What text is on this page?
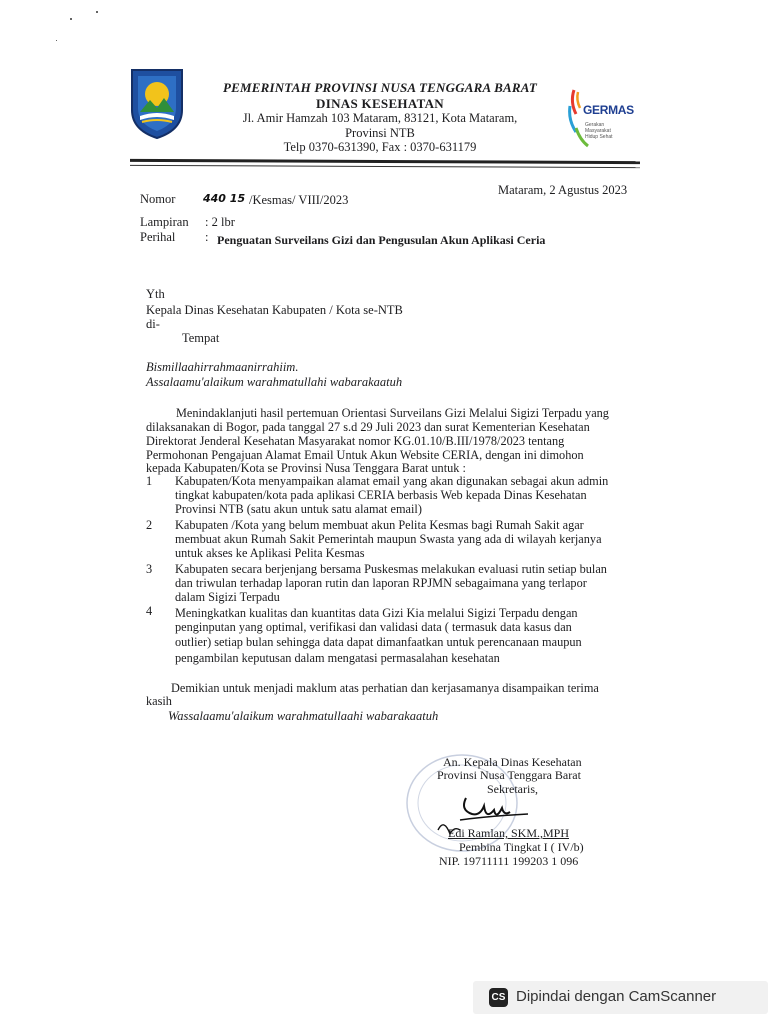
PEMERINTAH PROVINSI NUSA TENGGARA BARAT
DINAS KESEHATAN
Jl. Amir Hamzah 103 Mataram, 83121, Kota Mataram,
Provinsi NTB
Telp 0370-631390, Fax : 0370-631179
GERMAS
Gerakan Masyarakat Hidup Sehat
Mataram, 2 Agustus 2023
Nomor	440 15 /Kesmas/ VIII/2023
Lampiran : 2 lbr
Perihal : Penguatan Surveilans Gizi dan Pengusulan Akun Aplikasi Ceria
Yth
Kepala Dinas Kesehatan Kabupaten / Kota se-NTB
di-
Tempat
Bismillaahirrahmaanirrahiim.
Assalaamu'alaikum warahmatullahi wabarakaatuh
Menindaklanjuti hasil pertemuan Orientasi Surveilans Gizi Melalui Sigizi Terpadu yang
dilaksanakan di Bogor, pada tanggal 27 s.d 29 Juli 2023 dan surat Kementerian Kesehatan
Direktorat Jenderal Kesehatan Masyarakat nomor KG.01.10/B.III/1978/2023 tentang
Permohonan Pengajuan Alamat Email Untuk Akun Website CERIA, dengan ini dimohon
kepada Kabupaten/Kota se Provinsi Nusa Tenggara Barat untuk :
1 Kabupaten/Kota menyampaikan alamat email yang akan digunakan sebagai akun admin
tingkat kabupaten/kota pada aplikasi CERIA berbasis Web kepada Dinas Kesehatan
Provinsi NTB (satu akun untuk satu alamat email)
2 Kabupaten /Kota yang belum membuat akun Pelita Kesmas bagi Rumah Sakit agar
membuat akun Rumah Sakit Pemerintah maupun Swasta yang ada di wilayah kerjanya
untuk akses ke Aplikasi Pelita Kesmas
3 Kabupaten secara berjenjang bersama Puskesmas melakukan evaluasi rutin setiap bulan
dan triwulan terhadap laporan rutin dan laporan RPJMN sebagaimana yang terlapor
dalam Sigizi Terpadu
4 Meningkatkan kualitas dan kuantitas data Gizi Kia melalui Sigizi Terpadu dengan
penginputan yang optimal, verifikasi dan validasi data ( termasuk data kasus dan
outlier) setiap bulan sehingga data dapat dimanfaatkan untuk perencanaan maupun
pengambilan keputusan dalam mengatasi permasalahan kesehatan
Demikian untuk menjadi maklum atas perhatian dan kerjasamanya disampaikan terima
kasih
Wassalaamu'alaikum warahmatullaahi wabarakaatuh
An. Kepala Dinas Kesehatan
Provinsi Nusa Tenggara Barat
Sekretaris,
Edi Ramlan, SKM.,MPH
Pembina Tingkat I ( IV/b)
NIP. 19711111 199203 1 096
CS Dipindai dengan CamScanner
